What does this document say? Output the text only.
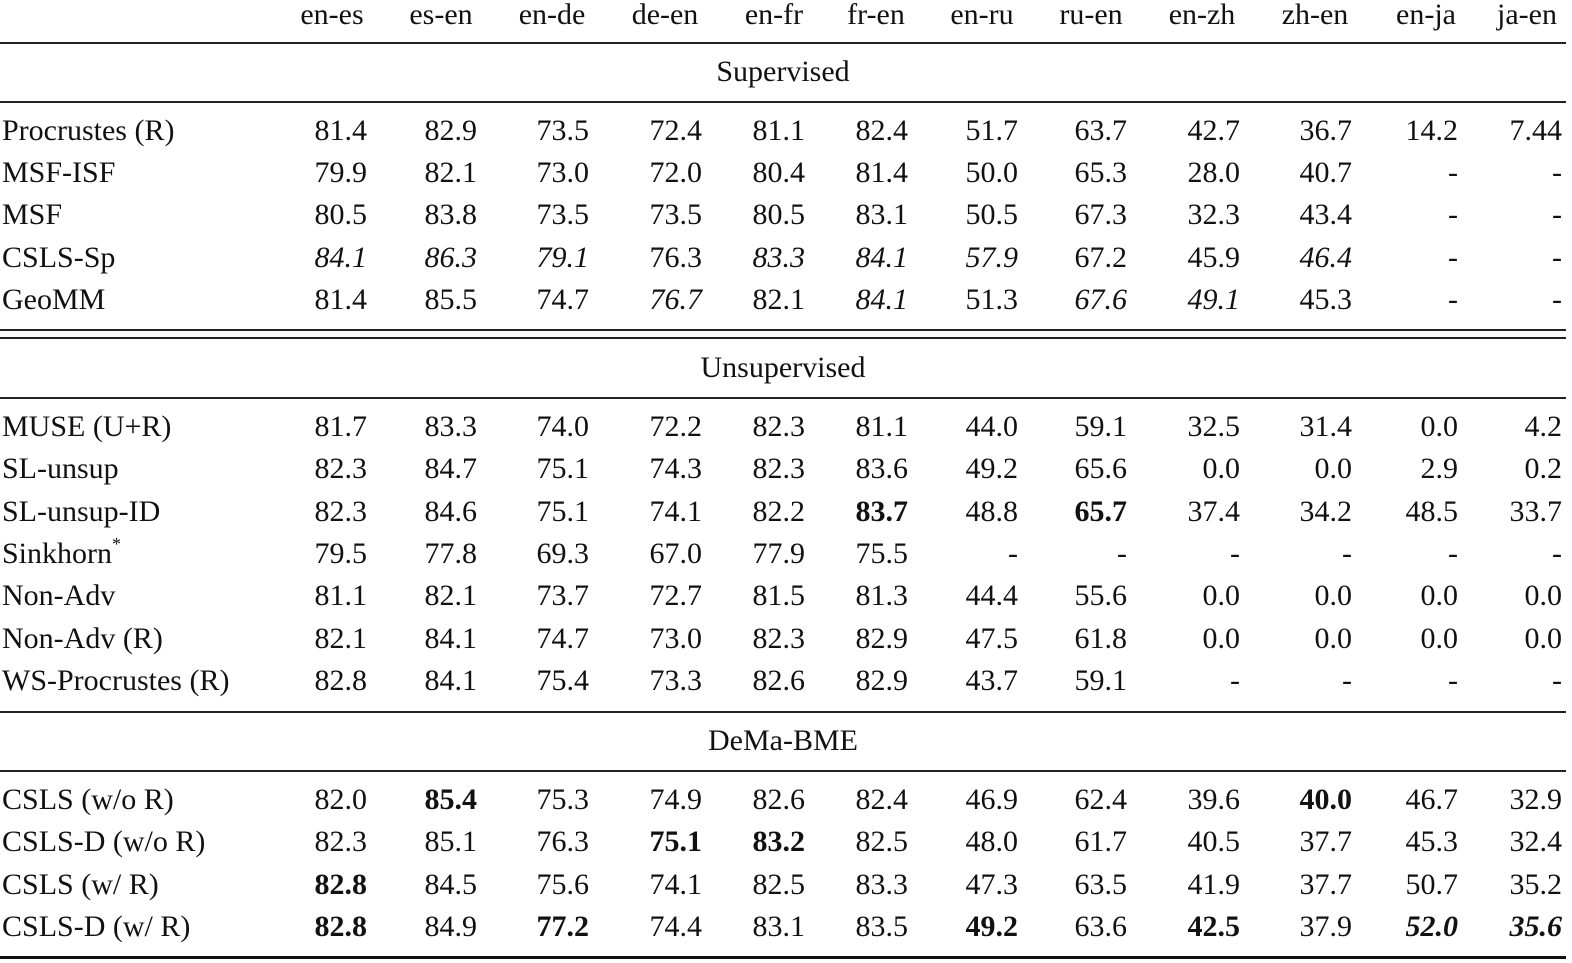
en-es	es-en	en-de	de-en	en-fr	fr-en	en-ru	ru-en	en-zh	zh-en	en-ja	ja-en
Supervised
Procrustes (R)	81.4	82.9	73.5	72.4	81.1	82.4	51.7	63.7	42.7	36.7	14.2	7.44
MSF-ISF	79.9	82.1	73.0	72.0	80.4	81.4	50.0	65.3	28.0	40.7	-	-
MSF	80.5	83.8	73.5	73.5	80.5	83.1	50.5	67.3	32.3	43.4	-	-
CSLS-Sp	84.1	86.3	79.1	76.3	83.3	84.1	57.9	67.2	45.9	46.4	-	-
GeoMM	81.4	85.5	74.7	76.7	82.1	84.1	51.3	67.6	49.1	45.3	-	-
Unsupervised
MUSE (U+R)	81.7	83.3	74.0	72.2	82.3	81.1	44.0	59.1	32.5	31.4	0.0	4.2
SL-unsup	82.3	84.7	75.1	74.3	82.3	83.6	49.2	65.6	0.0	0.0	2.9	0.2
SL-unsup-ID	82.3	84.6	75.1	74.1	82.2	83.7	48.8	65.7	37.4	34.2	48.5	33.7
Sinkhorn*	79.5	77.8	69.3	67.0	77.9	75.5	-	-	-	-	-	-
Non-Adv	81.1	82.1	73.7	72.7	81.5	81.3	44.4	55.6	0.0	0.0	0.0	0.0
Non-Adv (R)	82.1	84.1	74.7	73.0	82.3	82.9	47.5	61.8	0.0	0.0	0.0	0.0
WS-Procrustes (R)	82.8	84.1	75.4	73.3	82.6	82.9	43.7	59.1	-	-	-	-
DeMa-BME
CSLS (w/o R)	82.0	85.4	75.3	74.9	82.6	82.4	46.9	62.4	39.6	40.0	46.7	32.9
CSLS-D (w/o R)	82.3	85.1	76.3	75.1	83.2	82.5	48.0	61.7	40.5	37.7	45.3	32.4
CSLS (w/ R)	82.8	84.5	75.6	74.1	82.5	83.3	47.3	63.5	41.9	37.7	50.7	35.2
CSLS-D (w/ R)	82.8	84.9	77.2	74.4	83.1	83.5	49.2	63.6	42.5	37.9	52.0	35.6
